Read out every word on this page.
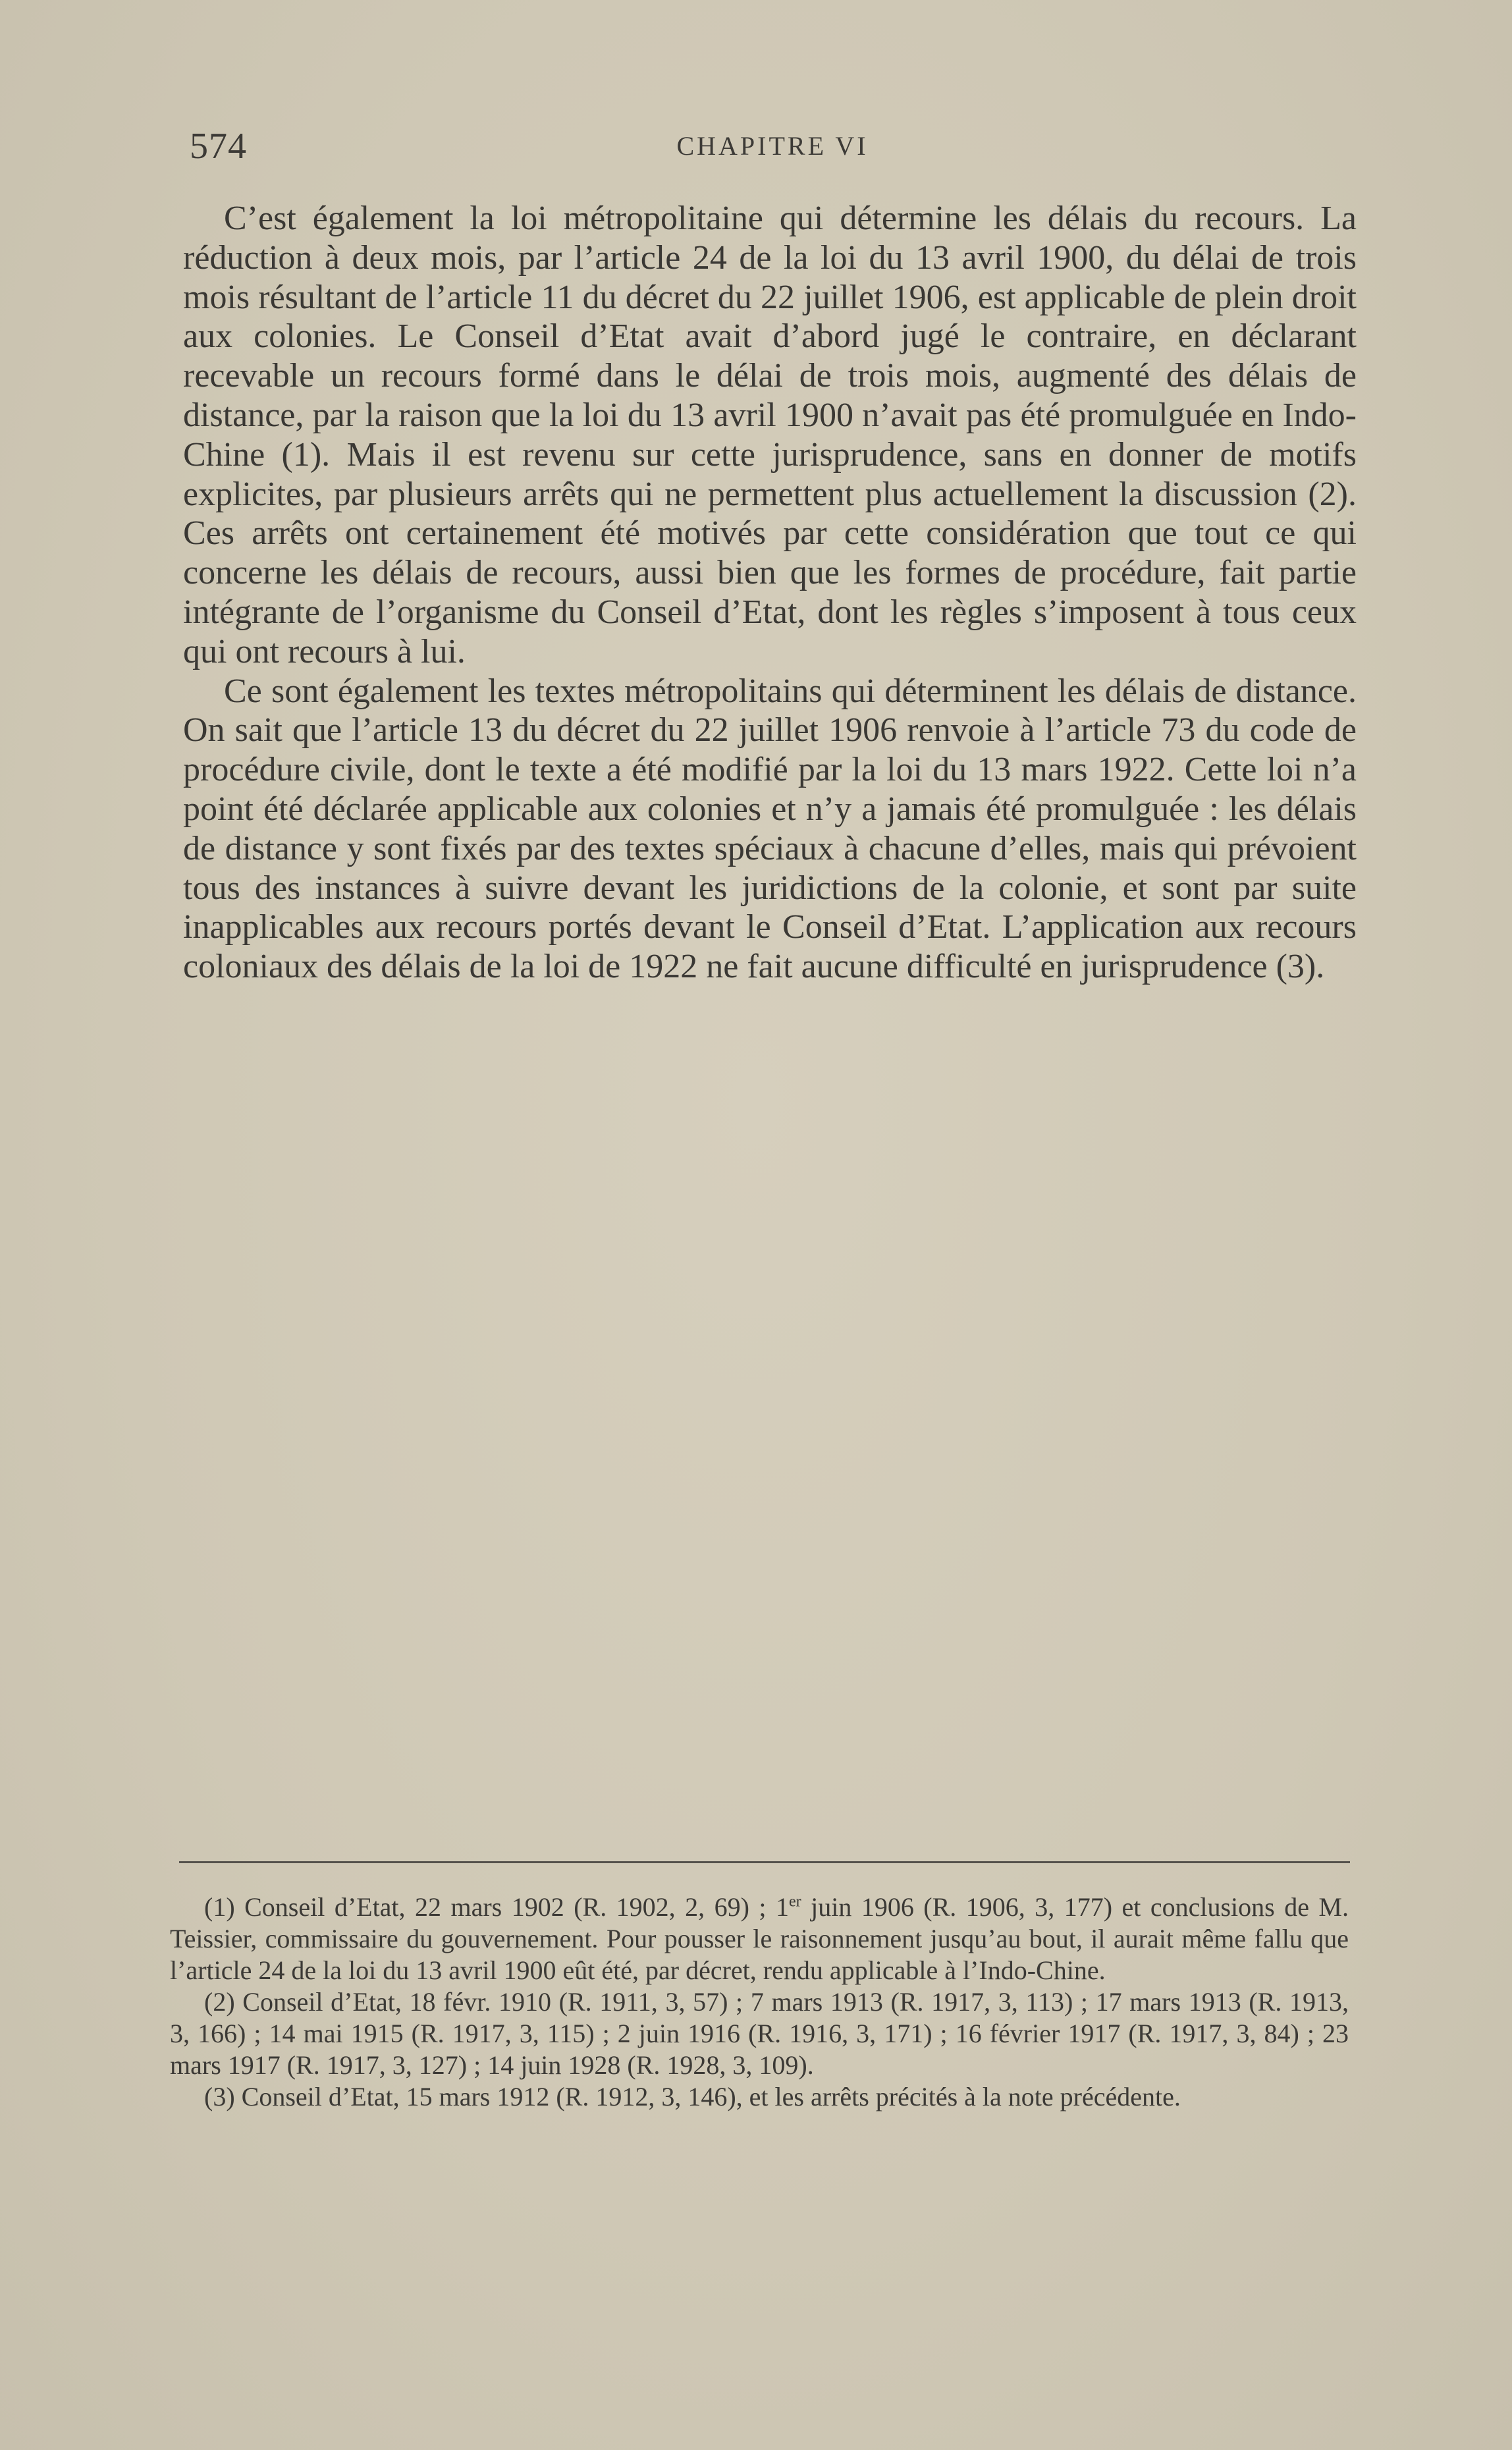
574	CHAPITRE VI

C’est également la loi métropolitaine qui détermine les délais du recours. La réduction à deux mois, par l’article 24 de la loi du 13 avril 1900, du délai de trois mois résultant de l’article 11 du décret du 22 juillet 1906, est applicable de plein droit aux colonies. Le Conseil d’Etat avait d’abord jugé le contraire, en déclarant recevable un recours formé dans le délai de trois mois, augmenté des délais de distance, par la raison que la loi du 13 avril 1900 n’avait pas été promulguée en Indo-Chine (1). Mais il est revenu sur cette jurisprudence, sans en donner de motifs explicites, par plusieurs arrêts qui ne permettent plus actuellement la discussion (2). Ces arrêts ont certainement été motivés par cette considération que tout ce qui concerne les délais de recours, aussi bien que les formes de procédure, fait partie intégrante de l’organisme du Conseil d’Etat, dont les règles s’imposent à tous ceux qui ont recours à lui.

Ce sont également les textes métropolitains qui déterminent les délais de distance. On sait que l’article 13 du décret du 22 juillet 1906 renvoie à l’article 73 du code de procédure civile, dont le texte a été modifié par la loi du 13 mars 1922. Cette loi n’a point été déclarée applicable aux colonies et n’y a jamais été promulguée : les délais de distance y sont fixés par des textes spéciaux à chacune d’elles, mais qui prévoient tous des instances à suivre devant les juridictions de la colonie, et sont par suite inapplicables aux recours portés devant le Conseil d’Etat. L’application aux recours coloniaux des délais de la loi de 1922 ne fait aucune difficulté en jurisprudence (3).

(1) Conseil d’Etat, 22 mars 1902 (R. 1902, 2, 69) ; 1er juin 1906 (R. 1906, 3, 177) et conclusions de M. Teissier, commissaire du gouvernement. Pour pousser le raisonnement jusqu’au bout, il aurait même fallu que l’article 24 de la loi du 13 avril 1900 eût été, par décret, rendu applicable à l’Indo-Chine.

(2) Conseil d’Etat, 18 févr. 1910 (R. 1911, 3, 57) ; 7 mars 1913 (R. 1917, 3, 113) ; 17 mars 1913 (R. 1913, 3, 166) ; 14 mai 1915 (R. 1917, 3, 115) ; 2 juin 1916 (R. 1916, 3, 171) ; 16 février 1917 (R. 1917, 3, 84) ; 23 mars 1917 (R. 1917, 3, 127) ; 14 juin 1928 (R. 1928, 3, 109).

(3) Conseil d’Etat, 15 mars 1912 (R. 1912, 3, 146), et les arrêts précités à la note précédente.
